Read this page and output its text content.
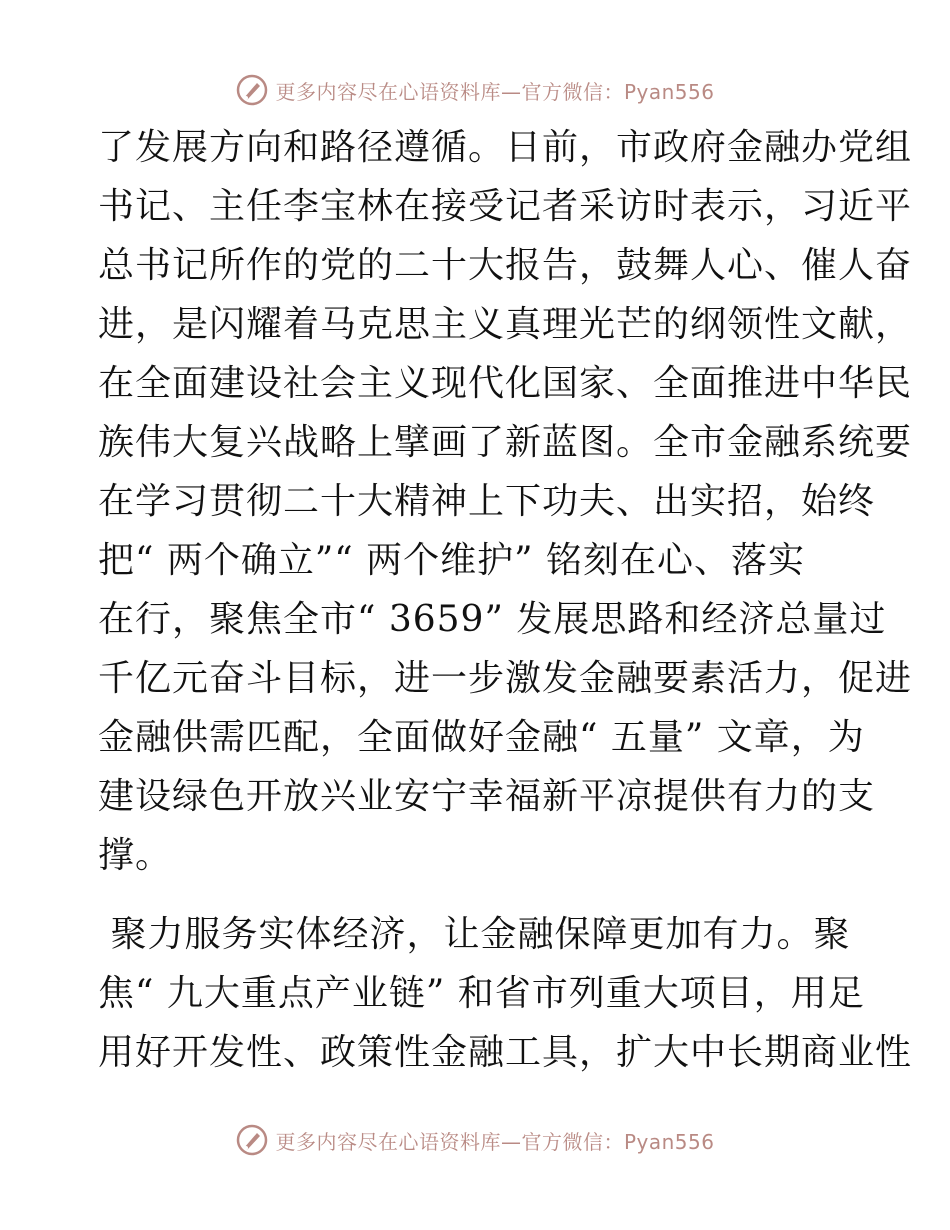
更多内容尽在心语资料库—官方微信：Pyan556
了发展方向和路径遵循。日前，市政府金融办党组
书记、主任李宝林在接受记者采访时表示，习近平
总书记所作的党的二十大报告，鼓舞人心、催人奋
进，是闪耀着马克思主义真理光芒的纲领性文献，
在全面建设社会主义现代化国家、全面推进中华民
族伟大复兴战略上擘画了新蓝图。全市金融系统要
在学习贯彻二十大精神上下功夫、出实招，始终
把“ 两个确立”“ 两个维护” 铭刻在心、落实
在行，聚焦全市“ 3659” 发展思路和经济总量过
千亿元奋斗目标，进一步激发金融要素活力，促进
金融供需匹配，全面做好金融“ 五量” 文章，为
建设绿色开放兴业安宁幸福新平凉提供有力的支
撑。
聚力服务实体经济，让金融保障更加有力。聚
焦“ 九大重点产业链” 和省市列重大项目，用足
用好开发性、政策性金融工具，扩大中长期商业性
更多内容尽在心语资料库—官方微信：Pyan556
